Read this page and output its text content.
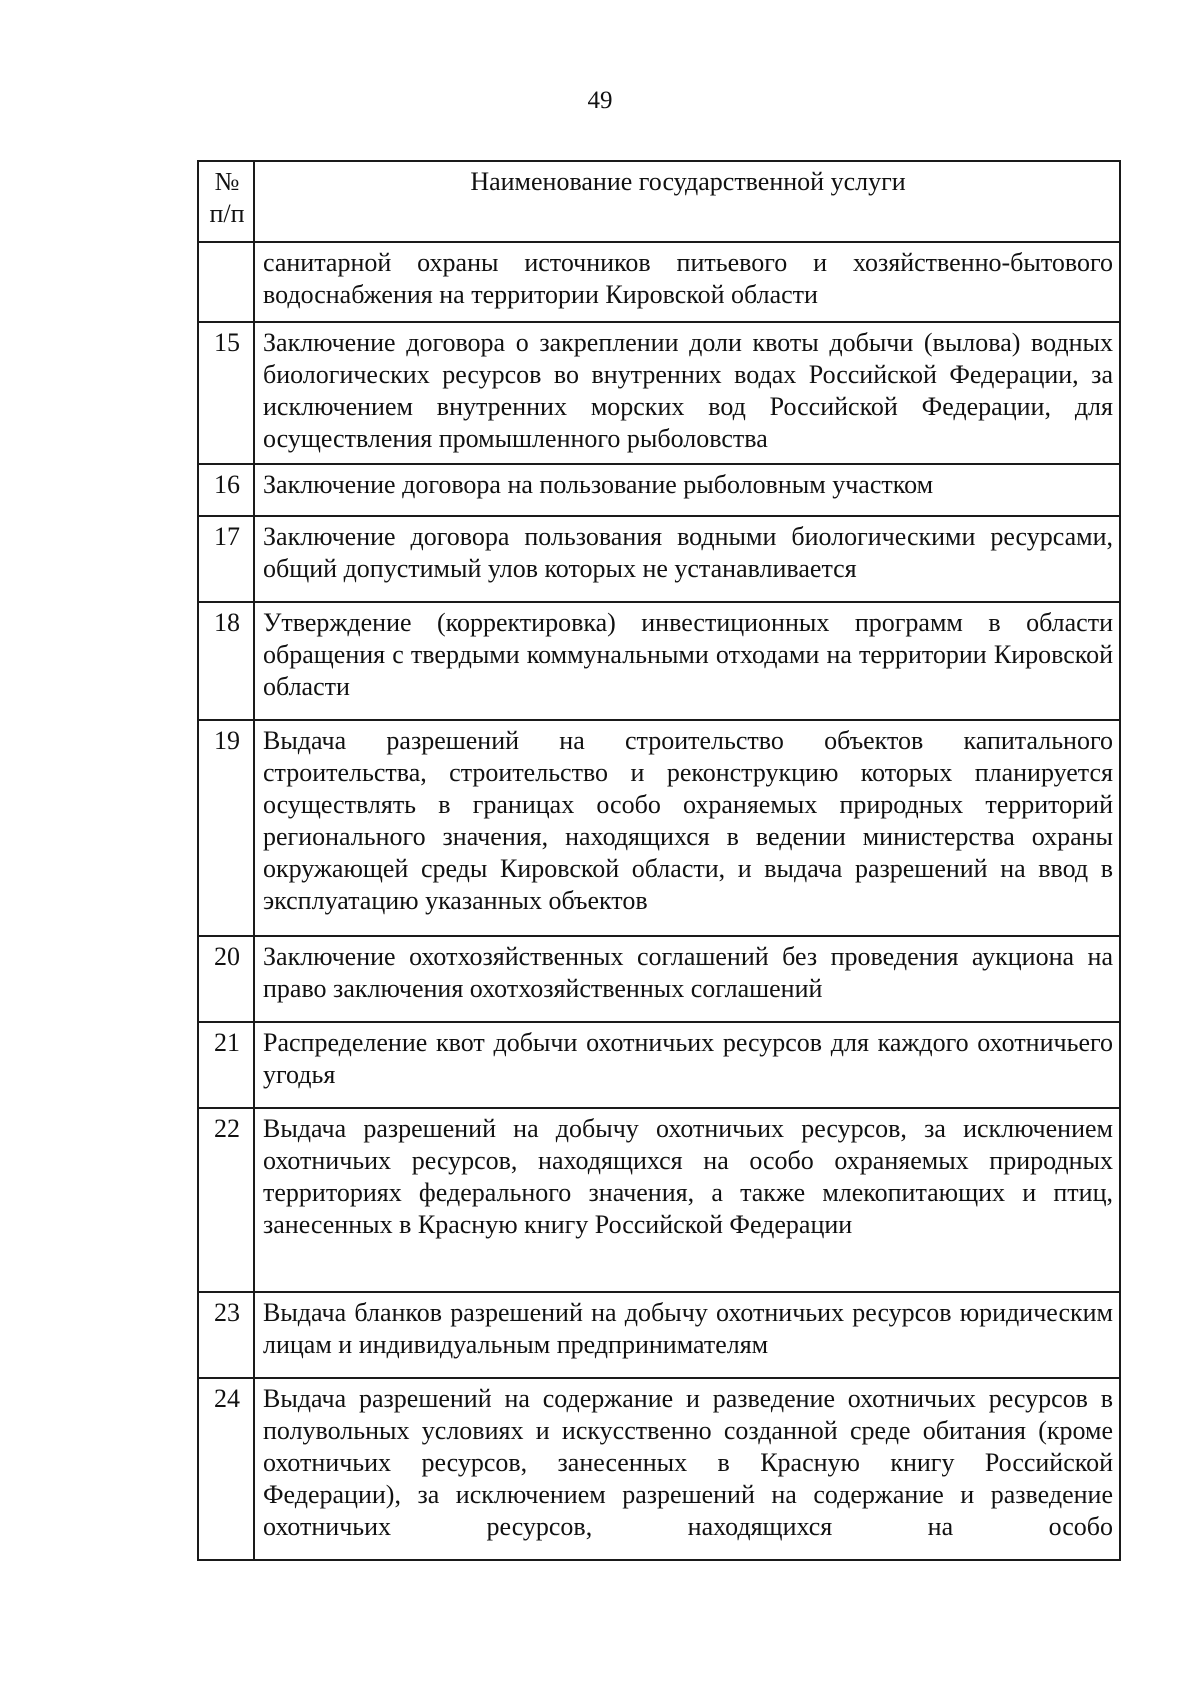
49
№
п/п	Наименование государственной услуги
	санитарной охраны источников питьевого и хозяйственно-бытового водоснабжения на территории Кировской области
15	Заключение договора о закреплении доли квоты добычи (вылова) водных биологических ресурсов во внутренних водах Российской Федерации, за исключением внутренних морских вод Российской Федерации, для осуществления промышленного рыболовства
16	Заключение договора на пользование рыболовным участком
17	Заключение договора пользования водными биологическими ресурсами, общий допустимый улов которых не устанавливается
18	Утверждение (корректировка) инвестиционных программ в области обращения с твердыми коммунальными отходами на территории Кировской области
19	Выдача разрешений на строительство объектов капитального строительства, строительство и реконструкцию которых планируется осуществлять в границах особо охраняемых природных территорий регионального значения, находящихся в ведении министерства охраны окружающей среды Кировской области, и выдача разрешений на ввод в эксплуатацию указанных объектов
20	Заключение охотхозяйственных соглашений без проведения аукциона на право заключения охотхозяйственных соглашений
21	Распределение квот добычи охотничьих ресурсов для каждого охотничьего угодья
22	Выдача разрешений на добычу охотничьих ресурсов, за исключением охотничьих ресурсов, находящихся на особо охраняемых природных территориях федерального значения, а также млекопитающих и птиц, занесенных в Красную книгу Российской Федерации
23	Выдача бланков разрешений на добычу охотничьих ресурсов юридическим лицам и индивидуальным предпринимателям
24	Выдача разрешений на содержание и разведение охотничьих ресурсов в полувольных условиях и искусственно созданной среде обитания (кроме охотничьих ресурсов, занесенных в Красную книгу Российской Федерации), за исключением разрешений на содержание и разведение охотничьих ресурсов, находящихся на особо
